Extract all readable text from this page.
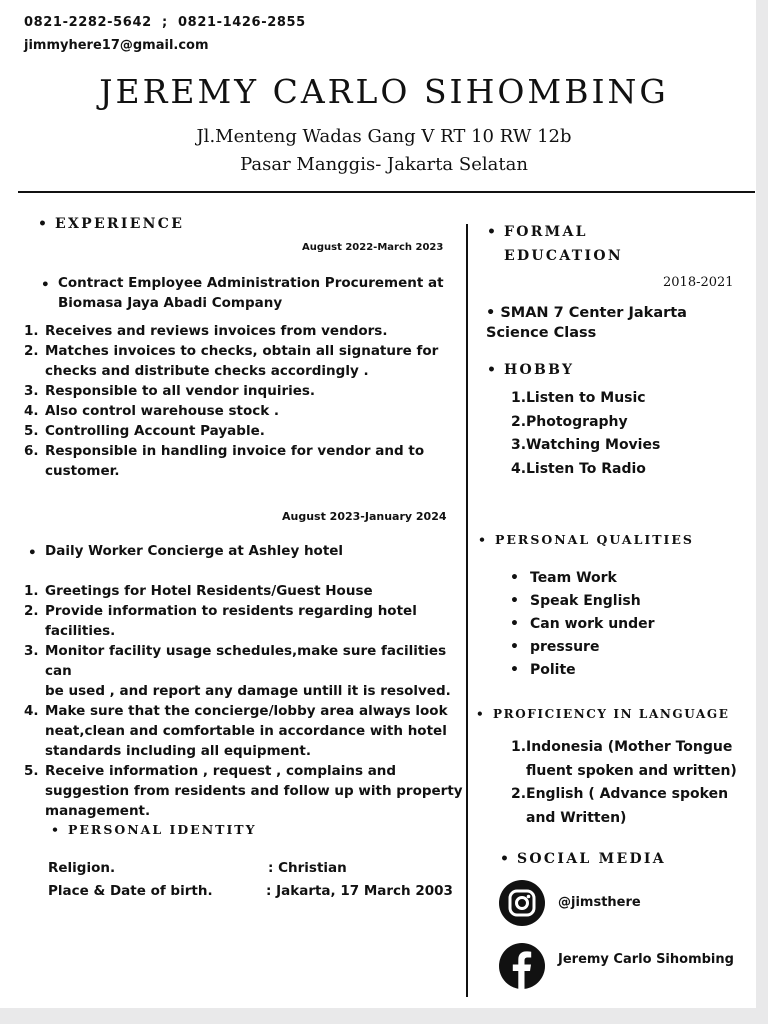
0821-2282-5642  ;  0821-1426-2855
jimmyhere17@gmail.com
JEREMY CARLO SIHOMBING
Jl.Menteng Wadas Gang V RT 10 RW 12b
Pasar Manggis- Jakarta Selatan
• EXPERIENCE
August 2022-March 2023
• Contract Employee Administration Procurement at
Biomasa Jaya Abadi Company
1. Receives and reviews invoices from vendors.
2. Matches invoices to checks, obtain all signature for
checks and distribute checks accordingly .
3. Responsible to all vendor inquiries.
4. Also control warehouse stock .
5. Controlling Account Payable.
6. Responsible in handling invoice for vendor and to
customer.
August 2023-January 2024
• Daily Worker Concierge at Ashley hotel
1. Greetings for Hotel Residents/Guest House
2. Provide information to residents regarding hotel
facilities.
3. Monitor facility usage schedules,make sure facilities can
be used , and report any damage untill it is resolved.
4. Make sure that the concierge/lobby area always look
neat,clean and comfortable in accordance with hotel
standards including all equipment.
5. Receive information , request , complains and
suggestion from residents and follow up with property
management.
• PERSONAL IDENTITY
Religion.	: Christian
Place & Date of birth.	: Jakarta, 17 March 2003
• FORMAL
EDUCATION
2018-2021
• SMAN 7 Center Jakarta
Science Class
• HOBBY
1. Listen to Music
2. Photography
3. Watching Movies
4. Listen To Radio
• PERSONAL QUALITIES
• Team Work
• Speak English
• Can work under
• pressure
• Polite
• PROFICIENCY IN LANGUAGE
1. Indonesia (Mother Tongue
fluent spoken and written)
2. English ( Advance spoken
and Written)
• SOCIAL MEDIA
@jimsthere
Jeremy Carlo Sihombing
